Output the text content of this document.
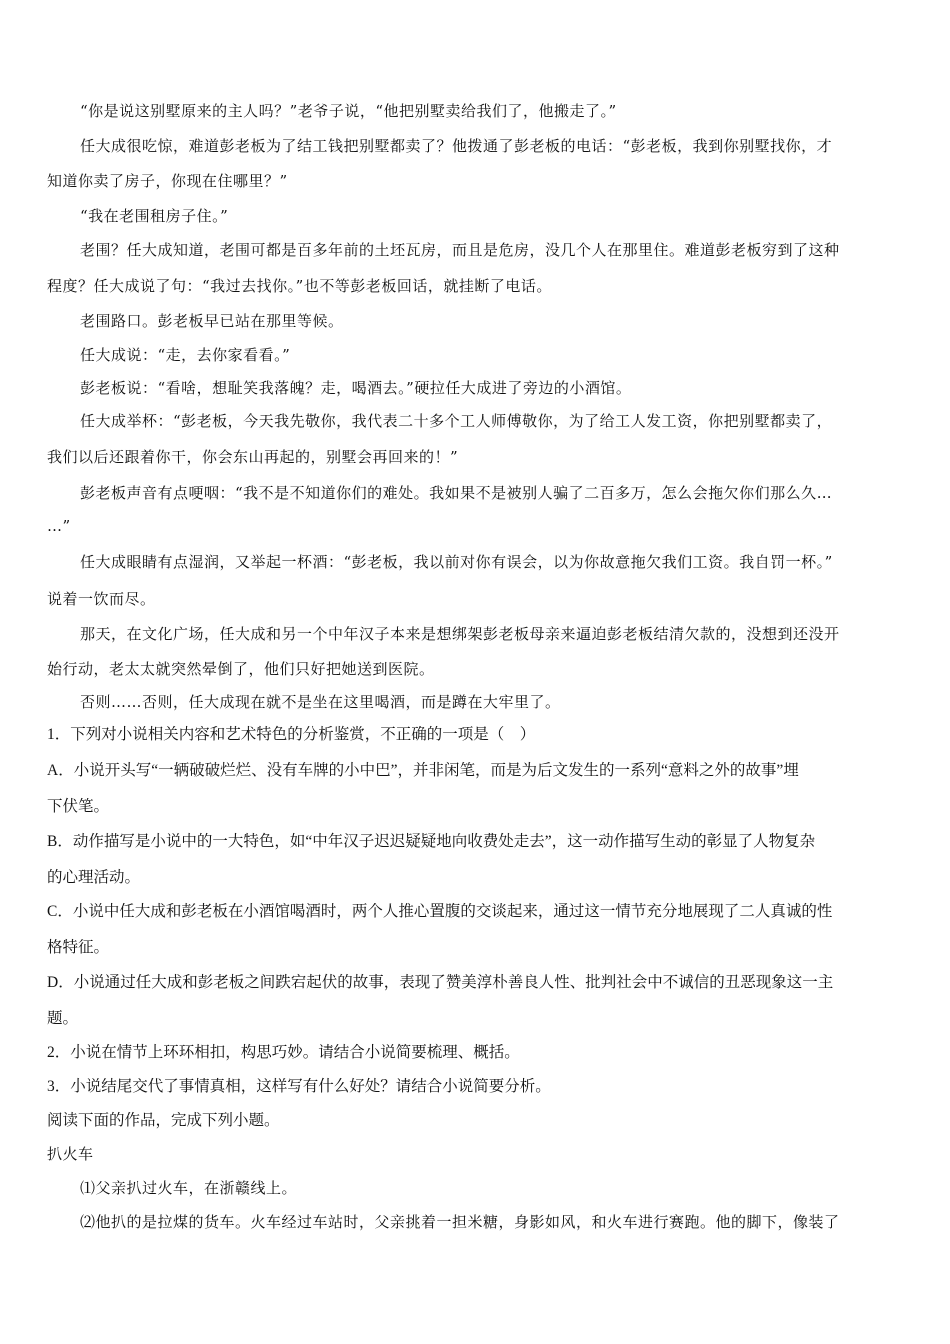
“你是说这别墅原来的主人吗？”老爷子说，“他把别墅卖给我们了，他搬走了。”
任大成很吃惊，难道彭老板为了结工钱把别墅都卖了？他拨通了彭老板的电话：“彭老板，我到你别墅找你，才
知道你卖了房子，你现在住哪里？”
“我在老围租房子住。”
老围？任大成知道，老围可都是百多年前的土坯瓦房，而且是危房，没几个人在那里住。难道彭老板穷到了这种
程度？任大成说了句：“我过去找你。”也不等彭老板回话，就挂断了电话。
老围路口。彭老板早已站在那里等候。
任大成说：“走，去你家看看。”
彭老板说：“看啥，想耻笑我落魄？走，喝酒去。”硬拉任大成进了旁边的小酒馆。
任大成举杯：“彭老板，今天我先敬你，我代表二十多个工人师傅敬你，为了给工人发工资，你把别墅都卖了，
我们以后还跟着你干，你会东山再起的，别墅会再回来的！”
彭老板声音有点哽咽：“我不是不知道你们的难处。我如果不是被别人骗了二百多万，怎么会拖欠你们那么久…
…”
任大成眼睛有点湿润，又举起一杯酒：“彭老板，我以前对你有误会，以为你故意拖欠我们工资。我自罚一杯。”
说着一饮而尽。
那天，在文化广场，任大成和另一个中年汉子本来是想绑架彭老板母亲来逼迫彭老板结清欠款的，没想到还没开
始行动，老太太就突然晕倒了，他们只好把她送到医院。
否则……否则，任大成现在就不是坐在这里喝酒，而是蹲在大牢里了。
1．下列对小说相关内容和艺术特色的分析鉴赏，不正确的一项是（　）
A．小说开头写“一辆破破烂烂、没有车牌的小中巴”，并非闲笔，而是为后文发生的一系列“意料之外的故事”埋
下伏笔。
B．动作描写是小说中的一大特色，如“中年汉子迟迟疑疑地向收费处走去”，这一动作描写生动的彰显了人物复杂
的心理活动。
C．小说中任大成和彭老板在小酒馆喝酒时，两个人推心置腹的交谈起来，通过这一情节充分地展现了二人真诚的性
格特征。
D．小说通过任大成和彭老板之间跌宕起伏的故事，表现了赞美淳朴善良人性、批判社会中不诚信的丑恶现象这一主
题。
2．小说在情节上环环相扣，构思巧妙。请结合小说简要梳理、概括。
3．小说结尾交代了事情真相，这样写有什么好处？请结合小说简要分析。
阅读下面的作品，完成下列小题。
扒火车
⑴父亲扒过火车，在浙赣线上。
⑵他扒的是拉煤的货车。火车经过车站时，父亲挑着一担米糖，身影如风，和火车进行赛跑。他的脚下，像装了
